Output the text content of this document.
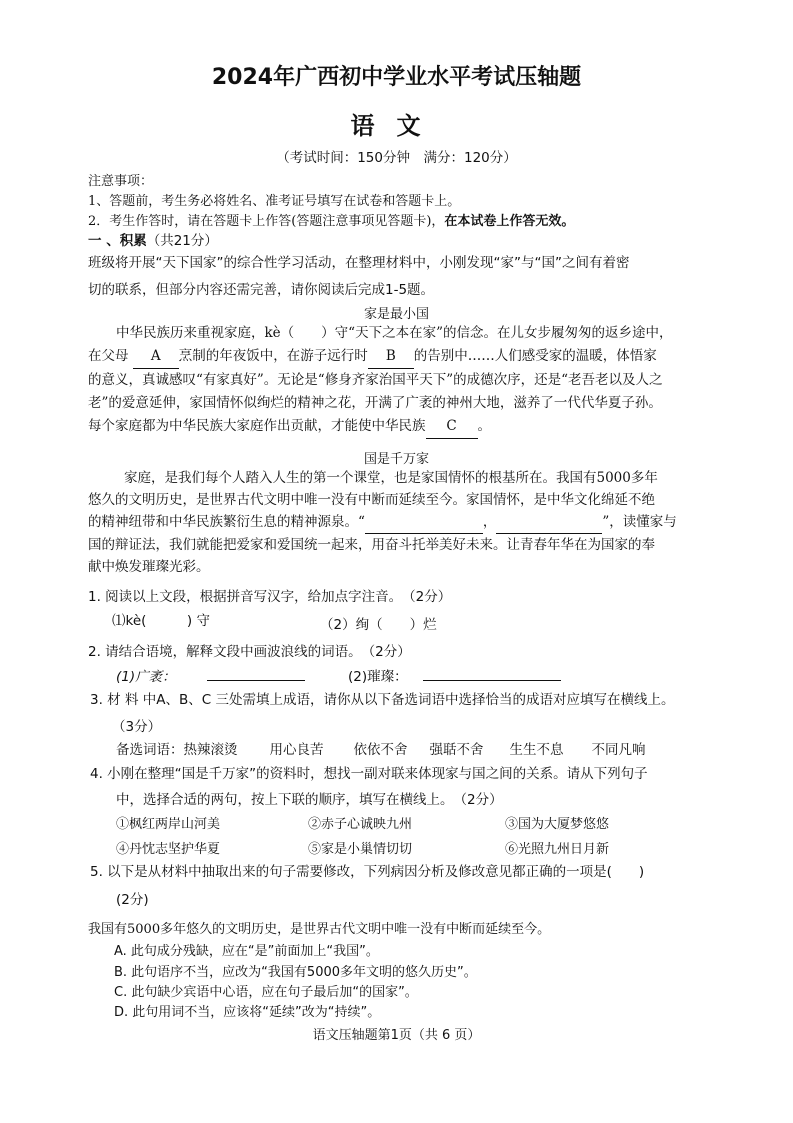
2024年广西初中学业水平考试压轴题
语文
（考试时间：150分钟　满分：120分）
注意事项：
1、答题前，考生务必将姓名、准考证号填写在试卷和答题卡上。
2．考生作答时，请在答题卡上作答(答题注意事项见答题卡)，在本试卷上作答无效。
一 、积累（共21分）
班级将开展“天下国家”的综合性学习活动，在整理材料中，小刚发现“家”与“国”之间有着密
切的联系，但部分内容还需完善，请你阅读后完成1-5题。
家是最小国
中华民族历来重视家庭，kè（　　）守“天下之本在家”的信念。在儿女步履匆匆的返乡途中，
在父母 A 烹制的年夜饭中，在游子远行时 B 的告别中……人们感受家的温暖，体悟家
的意义，真诚感叹“有家真好”。无论是“修身齐家治国平天下”的成德次序，还是“老吾老以及人之
老”的爱意延伸，家国情怀似绚烂的精神之花，开满了广袤的神州大地，滋养了一代代华夏子孙。
每个家庭都为中华民族大家庭作出贡献，才能使中华民族 C 。
国是千万家
家庭，是我们每个人踏入人生的第一个课堂，也是家国情怀的根基所在。我国有5000多年
悠久的文明历史，是世界古代文明中唯一没有中断而延续至今。家国情怀，是中华文化绵延不绝
的精神纽带和中华民族繁衍生息的精神源泉。“	，	”，读懂家与
国的辩证法，我们就能把爱家和爱国统一起来，用奋斗托举美好未来。让青春年华在为国家的奉
献中焕发璀璨光彩。
1. 阅读以上文段，根据拼音写汉字，给加点字注音。　（2分）
⑴kè(　　　) 守	（2）绚（　　）烂
2. 请结合语境，解释文段中画波浪线的词语。　（2分）
(1)广袤：	(2)璀璨：
3. 材 料 中A、B、C 三处需填上成语，请你从以下备选词语中选择恰当的成语对应填写在横线上。
（3分）
备选词语：热辣滚烫 用心良苦 依依不舍 强聒不舍 生生不息 不同凡响
4. 小刚在整理“国是千万家”的资料时，想找一副对联来体现家与国之间的关系。请从下列句子
中，选择合适的两句，按上下联的顺序，填写在横线上。　（2分）
①枫红两岸山河美	②赤子心诚映九州	③国为大厦梦悠悠
④丹忱志坚护华夏	⑤家是小巢情切切	⑥光照九州日月新
5. 以下是从材料中抽取出来的句子需要修改，下列病因分析及修改意见都正确的一项是(　　)
(2分)
我国有5000多年悠久的文明历史，是世界古代文明中唯一没有中断而延续至今。
A. 此句成分残缺，应在“是”前面加上“我国”。
B. 此句语序不当，应改为“我国有5000多年文明的悠久历史”。
C. 此句缺少宾语中心语，应在句子最后加“的国家”。
D. 此句用词不当，应该将“延续”改为“持续”。
语文压轴题第1页（共 6 页）
